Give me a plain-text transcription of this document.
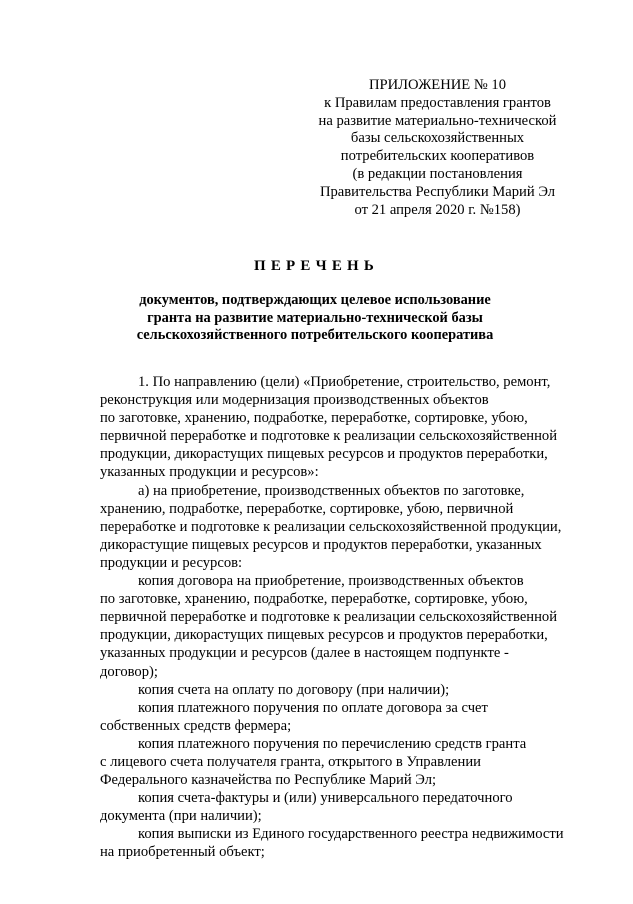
ПРИЛОЖЕНИЕ № 10
к Правилам предоставления грантов
на развитие материально-технической
базы сельскохозяйственных
потребительских кооперативов
(в редакции постановления
Правительства Республики Марий Эл
от 21 апреля 2020 г. №158)
ПЕРЕЧЕНЬ
документов, подтверждающих целевое использование
гранта на развитие материально-технической базы
сельскохозяйственного потребительского кооператива
1. По направлению (цели) «Приобретение, строительство, ремонт,
реконструкция или модернизация производственных объектов
по заготовке, хранению, подработке, переработке, сортировке, убою,
первичной переработке и подготовке к реализации сельскохозяйственной
продукции, дикорастущих пищевых ресурсов и продуктов переработки,
указанных продукции и ресурсов»:
а) на приобретение, производственных объектов по заготовке,
хранению, подработке, переработке, сортировке, убою, первичной
переработке и подготовке к реализации сельскохозяйственной продукции,
дикорастущие пищевых ресурсов и продуктов переработки, указанных
продукции и ресурсов:
копия договора на приобретение, производственных объектов
по заготовке, хранению, подработке, переработке, сортировке, убою,
первичной переработке и подготовке к реализации сельскохозяйственной
продукции, дикорастущих пищевых ресурсов и продуктов переработки,
указанных продукции и ресурсов (далее в настоящем подпункте -
договор);
копия счета на оплату по договору (при наличии);
копия платежного поручения по оплате договора за счет
собственных средств фермера;
копия платежного поручения по перечислению средств гранта
с лицевого счета получателя гранта, открытого в Управлении
Федерального казначейства по Республике Марий Эл;
копия счета-фактуры и (или) универсального передаточного
документа (при наличии);
копия выписки из Единого государственного реестра недвижимости
на приобретенный объект;
